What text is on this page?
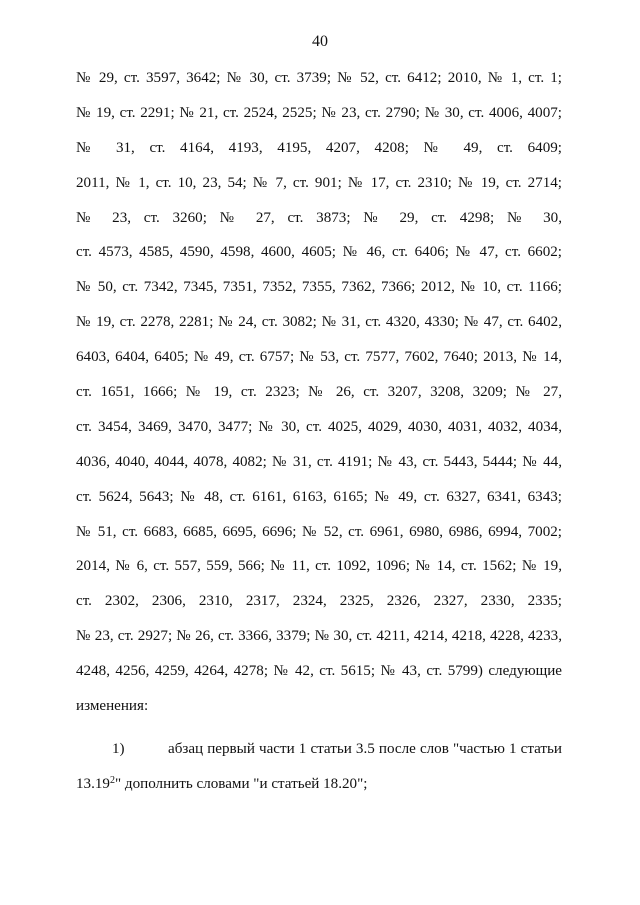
40
№ 29, ст. 3597, 3642; № 30, ст. 3739; № 52, ст. 6412; 2010, № 1, ст. 1;
№ 19, ст. 2291; № 21, ст. 2524, 2525; № 23, ст. 2790; № 30, ст. 4006, 4007;
№ 31, ст. 4164, 4193, 4195, 4207, 4208; № 49, ст. 6409;
2011, № 1, ст. 10, 23, 54; № 7, ст. 901; № 17, ст. 2310; № 19, ст. 2714;
№ 23, ст. 3260; № 27, ст. 3873; № 29, ст. 4298; № 30,
ст. 4573, 4585, 4590, 4598, 4600, 4605; № 46, ст. 6406; № 47, ст. 6602;
№ 50, ст. 7342, 7345, 7351, 7352, 7355, 7362, 7366; 2012, № 10, ст. 1166;
№ 19, ст. 2278, 2281; № 24, ст. 3082; № 31, ст. 4320, 4330; № 47, ст. 6402,
6403, 6404, 6405; № 49, ст. 6757; № 53, ст. 7577, 7602, 7640; 2013, № 14,
ст. 1651, 1666; № 19, ст. 2323; № 26, ст. 3207, 3208, 3209; № 27,
ст. 3454, 3469, 3470, 3477; № 30, ст. 4025, 4029, 4030, 4031, 4032, 4034,
4036, 4040, 4044, 4078, 4082; № 31, ст. 4191; № 43, ст. 5443, 5444; № 44,
ст. 5624, 5643; № 48, ст. 6161, 6163, 6165; № 49, ст. 6327, 6341, 6343;
№ 51, ст. 6683, 6685, 6695, 6696; № 52, ст. 6961, 6980, 6986, 6994, 7002;
2014, № 6, ст. 557, 559, 566; № 11, ст. 1092, 1096; № 14, ст. 1562; № 19,
ст. 2302, 2306, 2310, 2317, 2324, 2325, 2326, 2327, 2330, 2335;
№ 23, ст. 2927; № 26, ст. 3366, 3379; № 30, ст. 4211, 4214, 4218, 4228, 4233,
4248, 4256, 4259, 4264, 4278; № 42, ст. 5615; № 43, ст. 5799) следующие
изменения:
1)	абзац первый части 1 статьи 3.5 после слов "частью 1 статьи
13.19$^2$" дополнить словами "и статьей 18.20";
